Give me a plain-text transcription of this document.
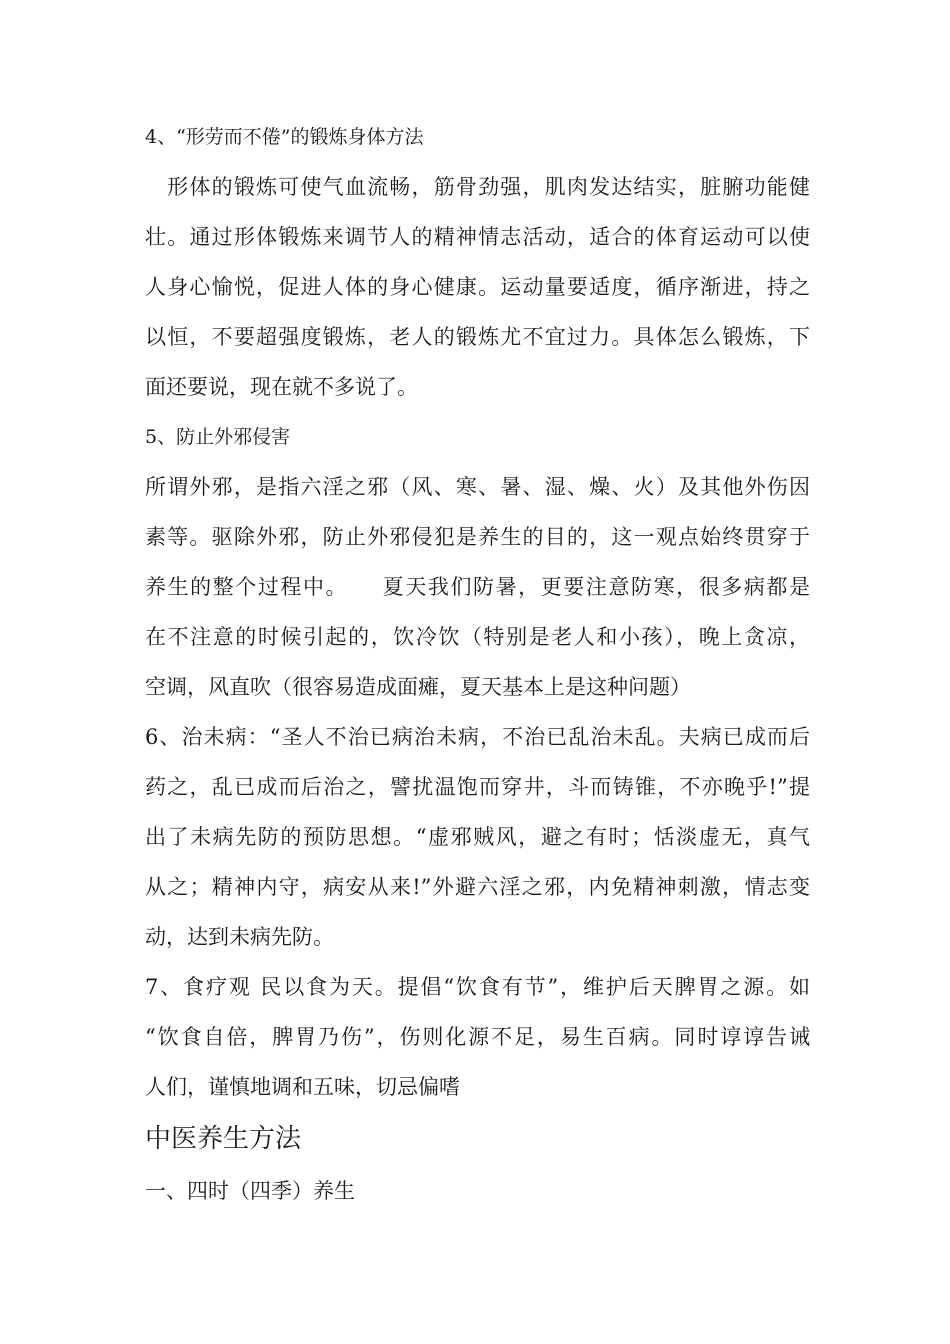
4、“形劳而不倦”的锻炼身体方法
　形体的锻炼可使气血流畅，筋骨劲强，肌肉发达结实，脏腑功能健
壮。通过形体锻炼来调节人的精神情志活动，适合的体育运动可以使
人身心愉悦，促进人体的身心健康。运动量要适度，循序渐进，持之
以恒，不要超强度锻炼，老人的锻炼尤不宜过力。具体怎么锻炼，下
面还要说，现在就不多说了。
5、防止外邪侵害
所谓外邪，是指六淫之邪（风、寒、暑、湿、燥、火）及其他外伤因
素等。驱除外邪，防止外邪侵犯是养生的目的，这一观点始终贯穿于
养生的整个过程中。　　夏天我们防暑，更要注意防寒，很多病都是
在不注意的时候引起的，饮冷饮（特别是老人和小孩），晚上贪凉，
空调，风直吹（很容易造成面瘫，夏天基本上是这种问题）
6、治未病：“圣人不治已病治未病，不治已乱治未乱。夫病已成而后
药之，乱已成而后治之，譬扰温饱而穿井，斗而铸锥，不亦晚乎!”提
出了未病先防的预防思想。“虚邪贼风，避之有时；恬淡虚无，真气
从之；精神内守，病安从来!”外避六淫之邪，内免精神刺激，情志变
动，达到未病先防。
7、食疗观 民以食为天。提倡“饮食有节”，维护后天脾胃之源。如
“饮食自倍，脾胃乃伤”，伤则化源不足，易生百病。同时谆谆告诫
人们，谨慎地调和五味，切忌偏嗜
中医养生方法
一、四时（四季）养生
